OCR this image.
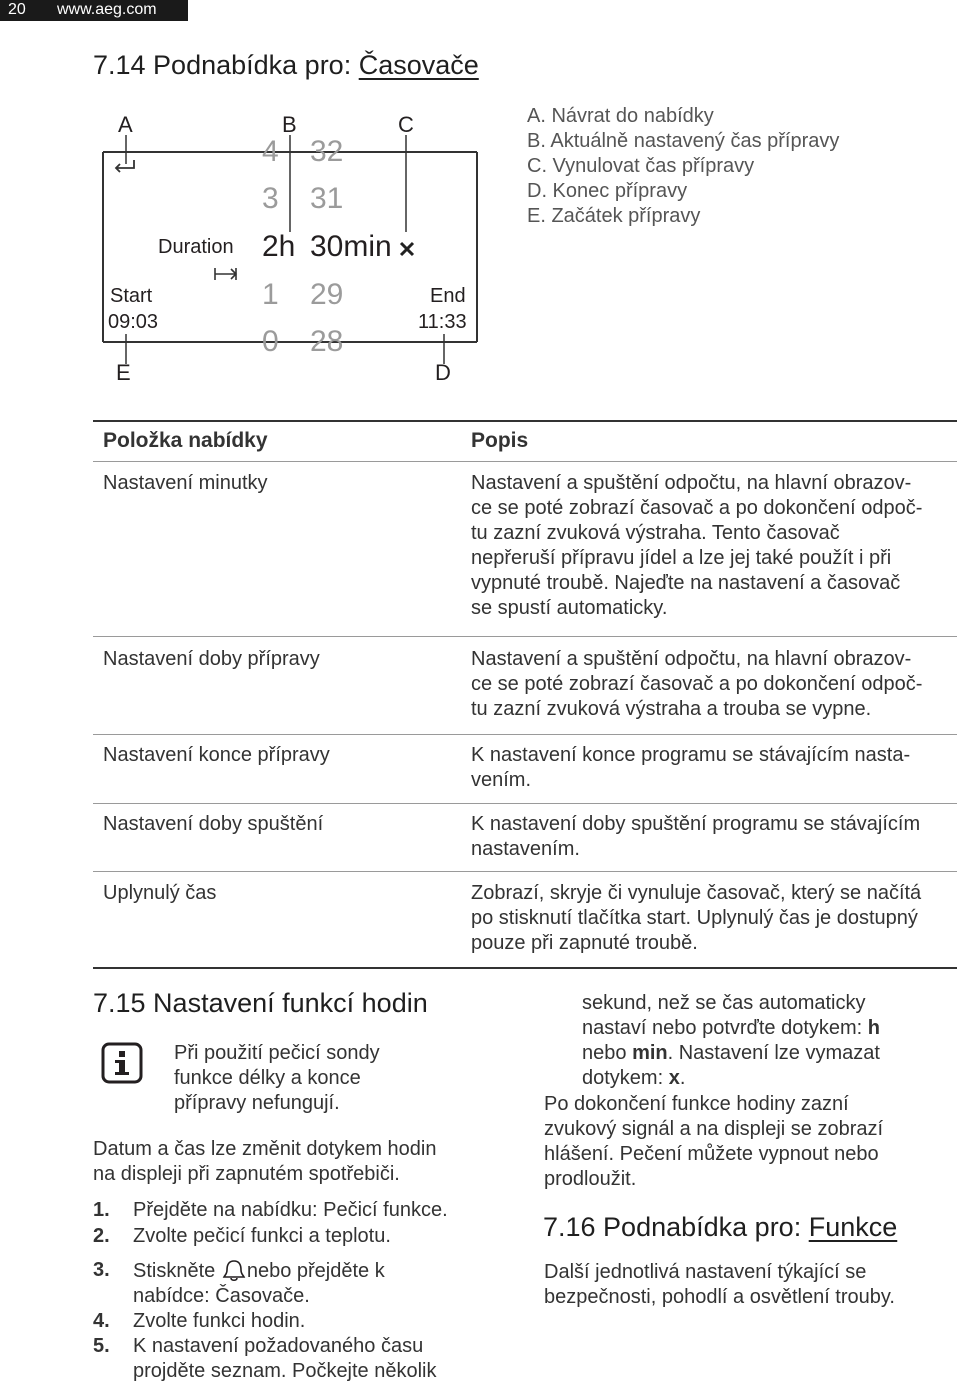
20 www.aeg.com
7.14 Podnabídka pro: Časovače
A	B	C
E	D
4
3
2h
1
0
32
31
30min
29
28
Duration
Start
09:03
End
11:33
A. Návrat do nabídky
B. Aktuálně nastavený čas přípravy
C. Vynulovat čas přípravy
D. Konec přípravy
E. Začátek přípravy
Položka nabídky	Popis
Nastavení minutky	Nastavení a spuštění odpočtu, na hlavní obrazov-
ce se poté zobrazí časovač a po dokončení odpoč-
tu zazní zvuková výstraha. Tento časovač
nepřeruší přípravu jídel a lze jej také použít i při
vypnuté troubě. Najeďte na nastavení a časovač
se spustí automaticky.
Nastavení doby přípravy	Nastavení a spuštění odpočtu, na hlavní obrazov-
ce se poté zobrazí časovač a po dokončení odpoč-
tu zazní zvuková výstraha a trouba se vypne.
Nastavení konce přípravy	K nastavení konce programu se stávajícím nasta-
vením.
Nastavení doby spuštění	K nastavení doby spuštění programu se stávajícím
nastavením.
Uplynulý čas	Zobrazí, skryje či vynuluje časovač, který se načítá
po stisknutí tlačítka start. Uplynulý čas je dostupný
pouze při zapnuté troubě.
7.15 Nastavení funkcí hodin
Při použití pečicí sondy
funkce délky a konce
přípravy nefungují.
Datum a čas lze změnit dotykem hodin
na displeji při zapnutém spotřebiči.
1. Přejděte na nabídku: Pečicí funkce.
2. Zvolte pečicí funkci a teplotu.
3. Stiskněte nebo přejděte k
nabídce: Časovače.
4. Zvolte funkci hodin.
5. K nastavení požadovaného času
projděte seznam. Počkejte několik
sekund, než se čas automaticky
nastaví nebo potvrďte dotykem: h
nebo min. Nastavení lze vymazat
dotykem: x.
Po dokončení funkce hodiny zazní
zvukový signál a na displeji se zobrazí
hlášení. Pečení můžete vypnout nebo
prodloužit.
7.16 Podnabídka pro: Funkce
Další jednotlivá nastavení týkající se
bezpečnosti, pohodlí a osvětlení trouby.
